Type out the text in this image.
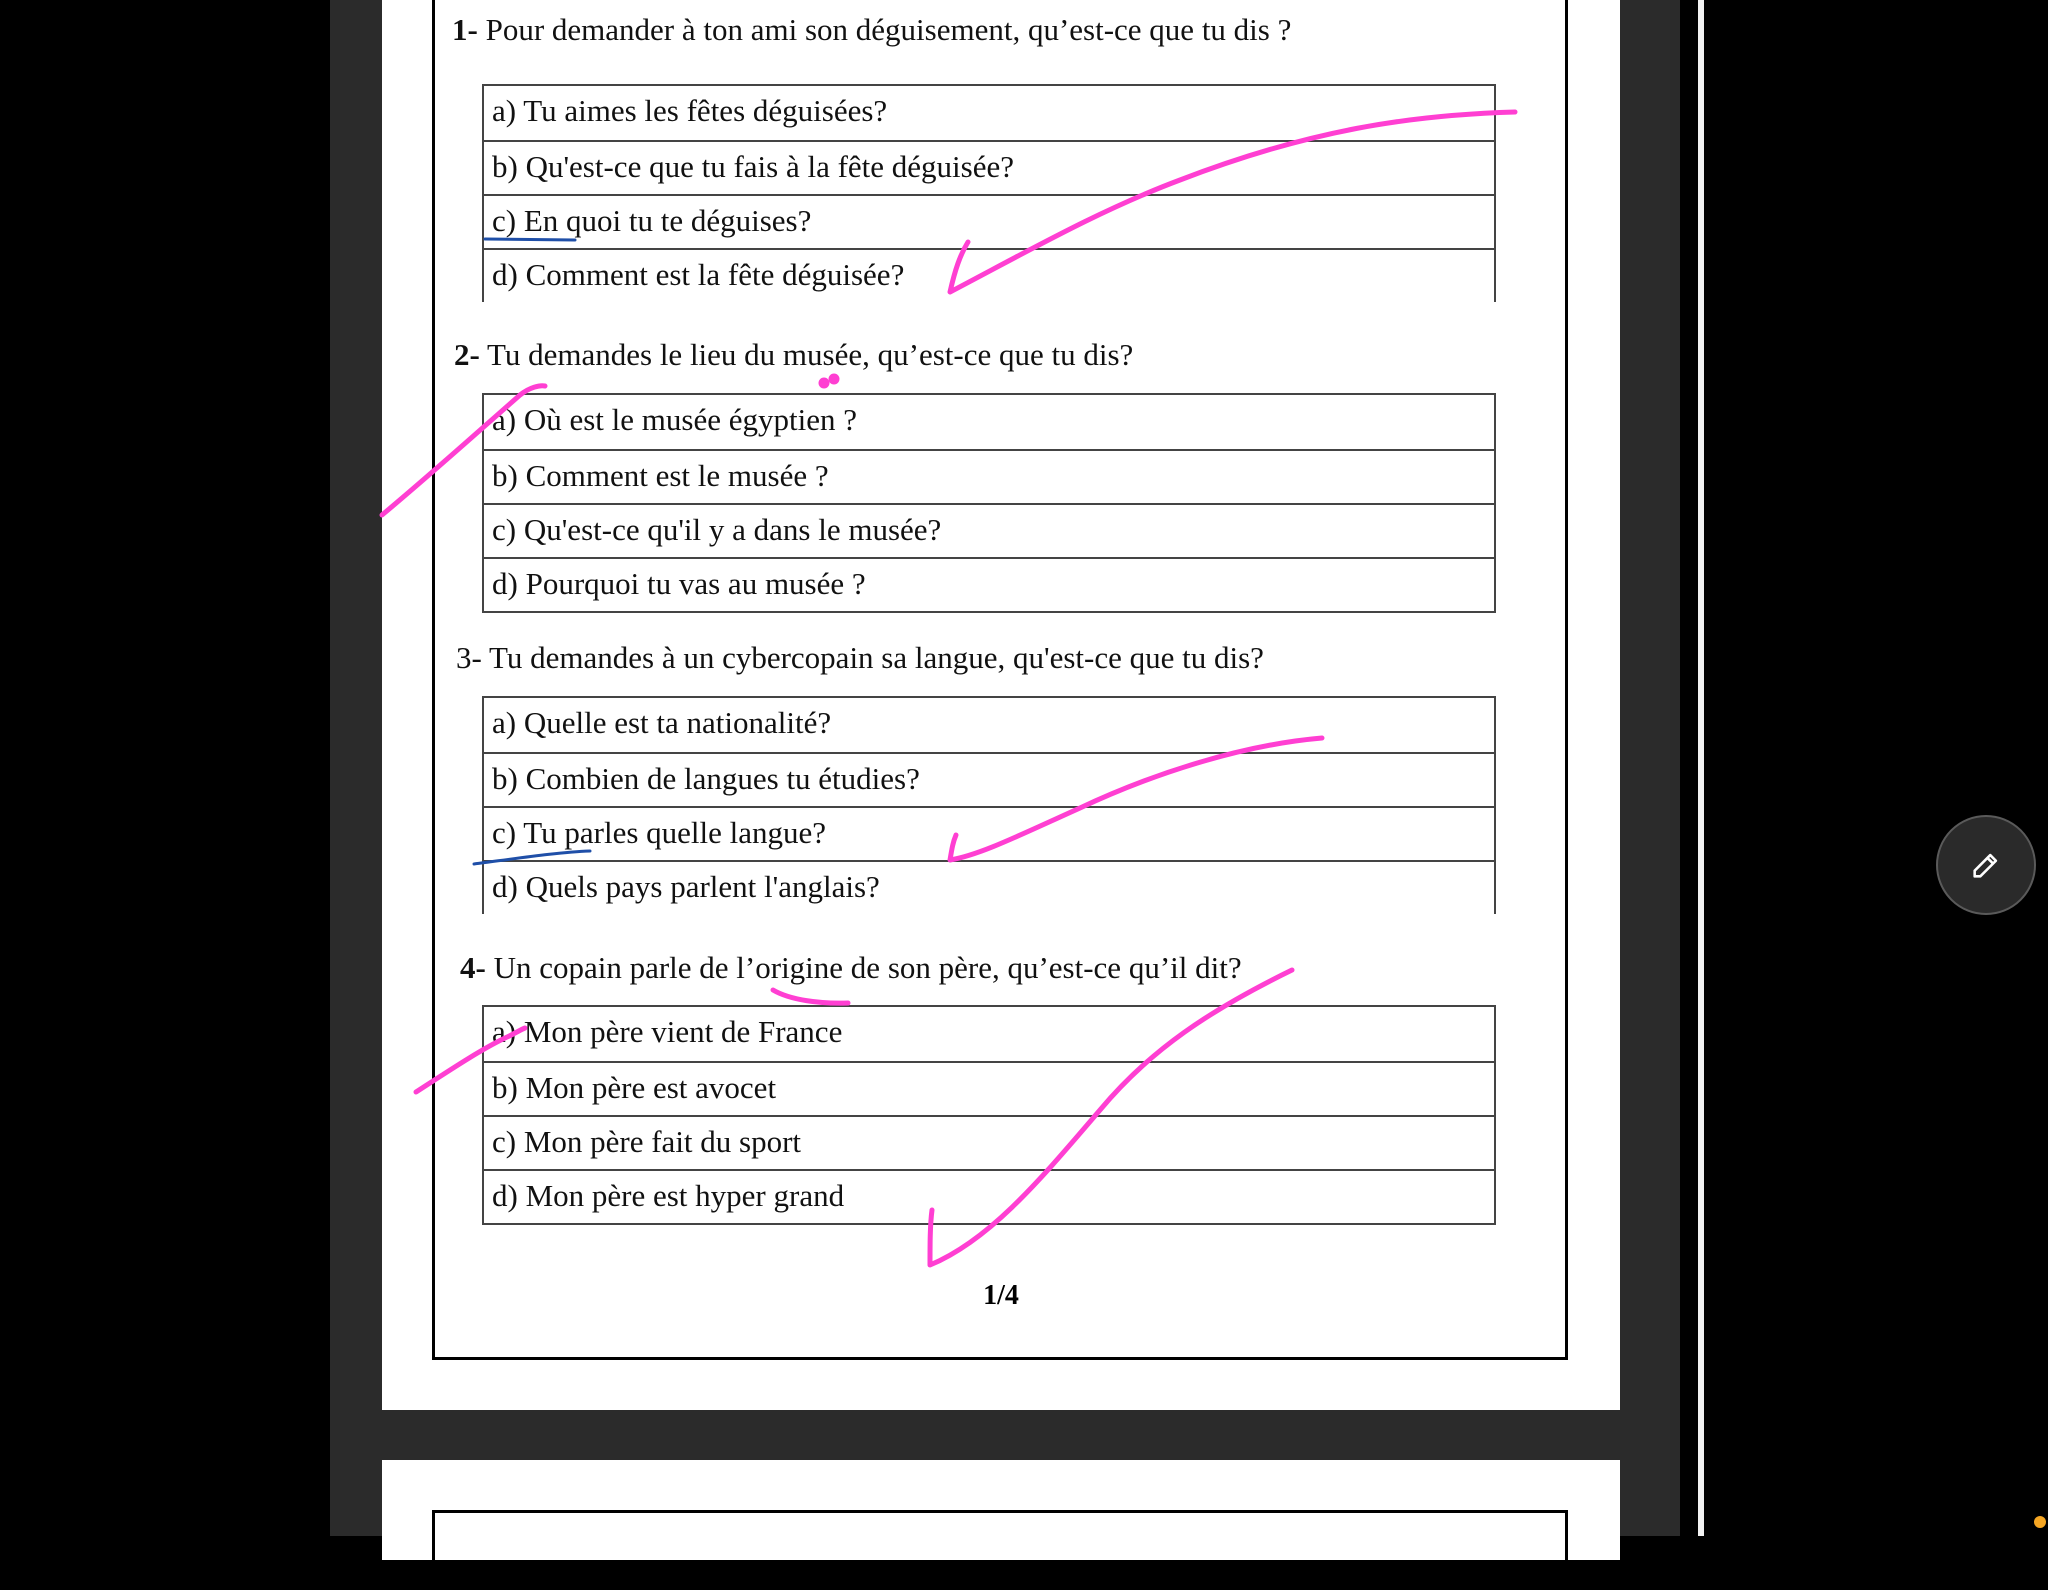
1- Pour demander à ton ami son déguisement, qu’est-ce que tu dis ?
a) Tu aimes les fêtes déguisées?
b) Qu'est-ce que tu fais à la fête déguisée?
c) En quoi tu te déguises?
d) Comment est la fête déguisée?
2- Tu demandes le lieu du musée, qu’est-ce que tu dis?
a) Où est le musée égyptien ?
b) Comment est le musée ?
c) Qu'est-ce qu'il y a dans le musée?
d) Pourquoi tu vas au musée ?
3- Tu demandes à un cybercopain sa langue, qu'est-ce que tu dis?
a) Quelle est ta nationalité?
b) Combien de langues tu étudies?
c) Tu parles quelle langue?
d) Quels pays parlent l'anglais?
4- Un copain parle de l’origine de son père, qu’est-ce qu’il dit?
a) Mon père vient de France
b) Mon père est avocet
c) Mon père fait du sport
d) Mon père est hyper grand
1/4
